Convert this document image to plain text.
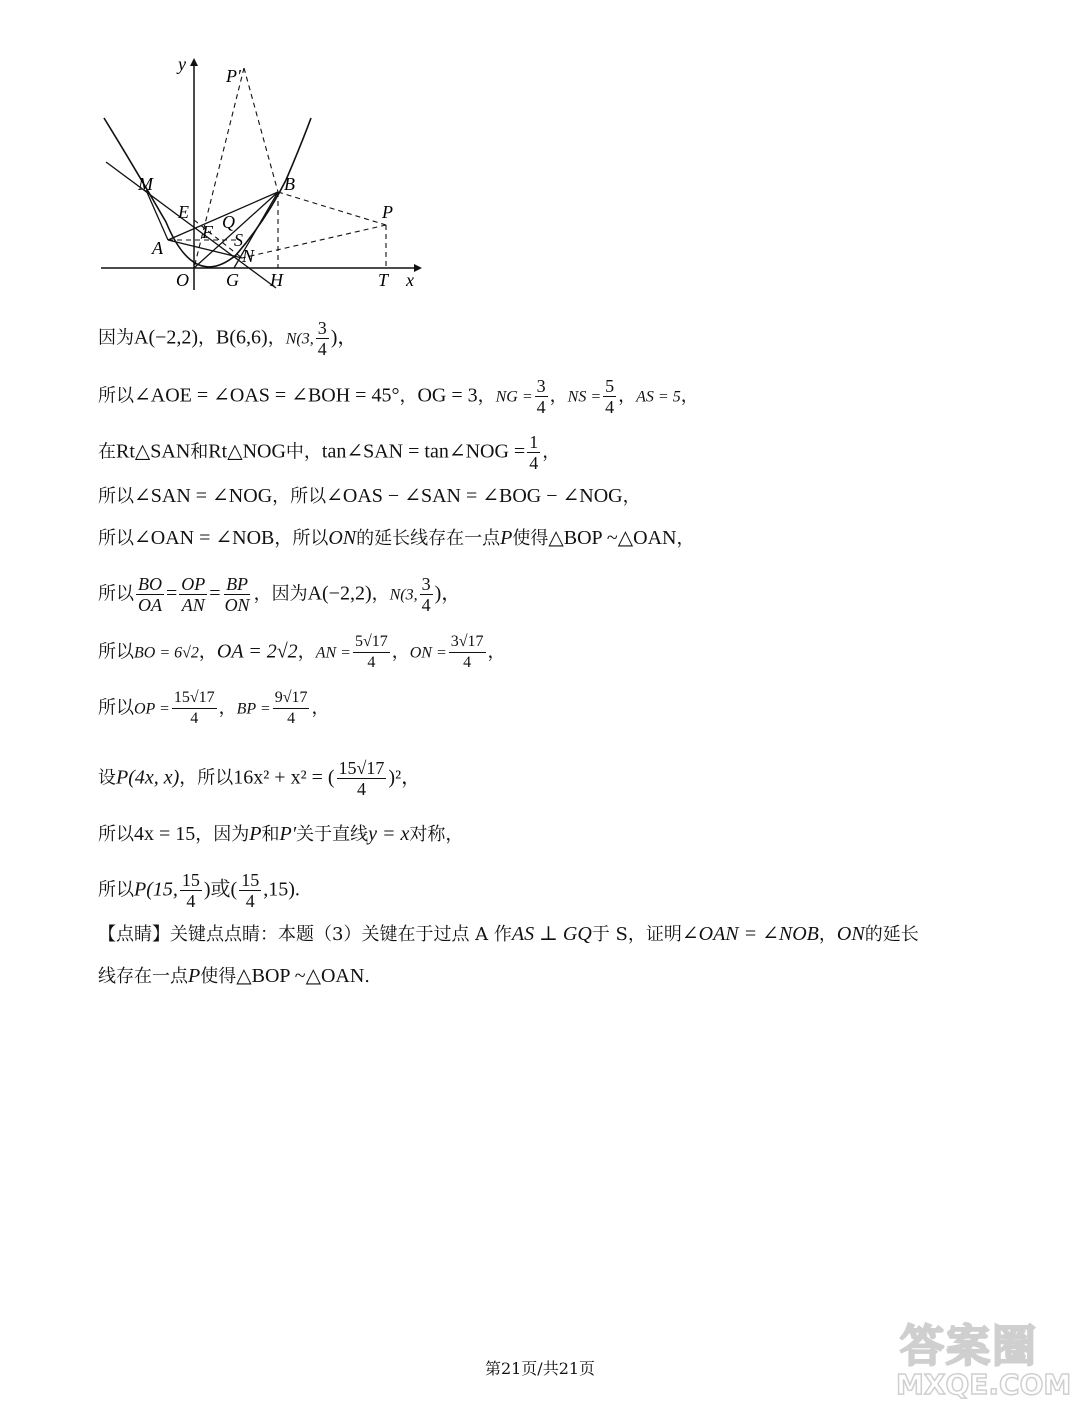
y
x
P′
M	B
E Q
F S
A	N
P
O G H	T
因为A(−2,2)，B(6,6)，N(3, $\frac{3}{4}$ )，
所以∠AOE = ∠OAS = ∠BOH = 45°，OG = 3，NG = $\frac{3}{4}$ ，NS = $\frac{5}{4}$ ，AS = 5，
在Rt△SAN和Rt△NOG中，tan∠SAN = tan∠NOG = $\frac{1}{4}$ ，
所以∠SAN = ∠NOG，所以∠OAS − ∠SAN = ∠BOG − ∠NOG，
所以∠OAN = ∠NOB，所以ON的延长线存在一点P使得△BOP ~△OAN，
所以 $\frac{BO}{OA} = \frac{OP}{AN} = \frac{BP}{ON}$ ，因为A(−2,2)，N(3, $\frac{3}{4}$ )，
所以BO = 6√2，OA = 2√2，AN = $\frac{5√17}{4}$ ，ON = $\frac{3√17}{4}$ ，
所以OP = $\frac{15√17}{4}$ ，BP = $\frac{9√17}{4}$ ，
设P(4x, x)，所以16x² + x² = ( $\frac{15√17}{4} )^2$，
所以4x = 15，因为P和P′关于直线y = x对称，
所以P(15, $\frac{15}{4}$ )或( $\frac{15}{4} ,15$).
【点睛】关键点点睛：本题（3）关键在于过点 A 作AS ⊥ GQ于 S，证明∠OAN = ∠NOB，ON的延长
线存在一点P使得△BOP ~△OAN.
第21页/共21页	答案圈
MXQE.COM
